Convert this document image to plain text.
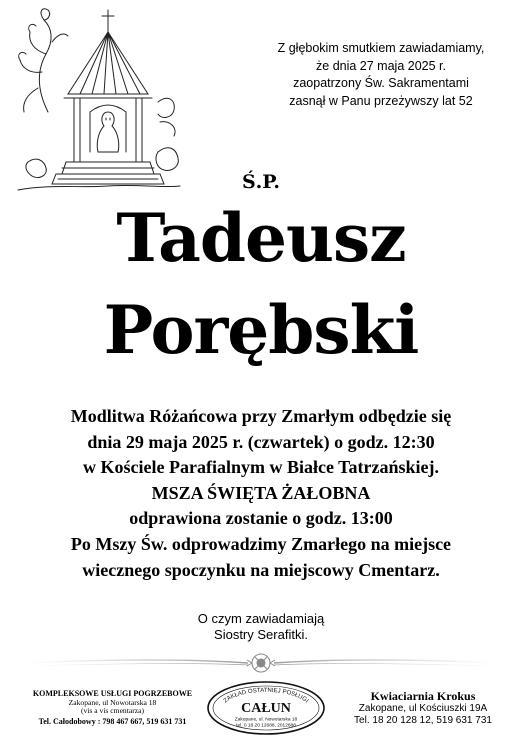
Z głębokim smutkiem zawiadamiamy,
że dnia 27 maja 2025 r.
zaopatrzony Św. Sakramentami
zasnął w Panu przeżywszy lat 52
Ś.P.
Tadeusz
Porębski
Modlitwa Różańcowa przy Zmarłym odbędzie się
dnia 29 maja 2025 r. (czwartek) o godz. 12:30
w Kościele Parafialnym w Białce Tatrzańskiej.
MSZA ŚWIĘTA ŻAŁOBNA
odprawiona zostanie o godz. 13:00
Po Mszy Św. odprowadzimy Zmarłego na miejsce
wiecznego spoczynku na miejscowy Cmentarz.
O czym zawiadamiają
Siostry Serafitki.
KOMPLEKSOWE USŁUGI POGRZEBOWE
Zakopane, ul Nowotarska 18
(vis a vis cmentarza)
Tel. Całodobowy : 798 467 667, 519 631 731
ZAKŁAD OSTATNIEJ POSŁUGI
CAŁUN
Zakopane, ul. Nowotarska 18
tel. 0 18 20 12688, 2012688
Kwiaciarnia Krokus
Zakopane, ul Kościuszki 19A
Tel. 18 20 128 12, 519 631 731
